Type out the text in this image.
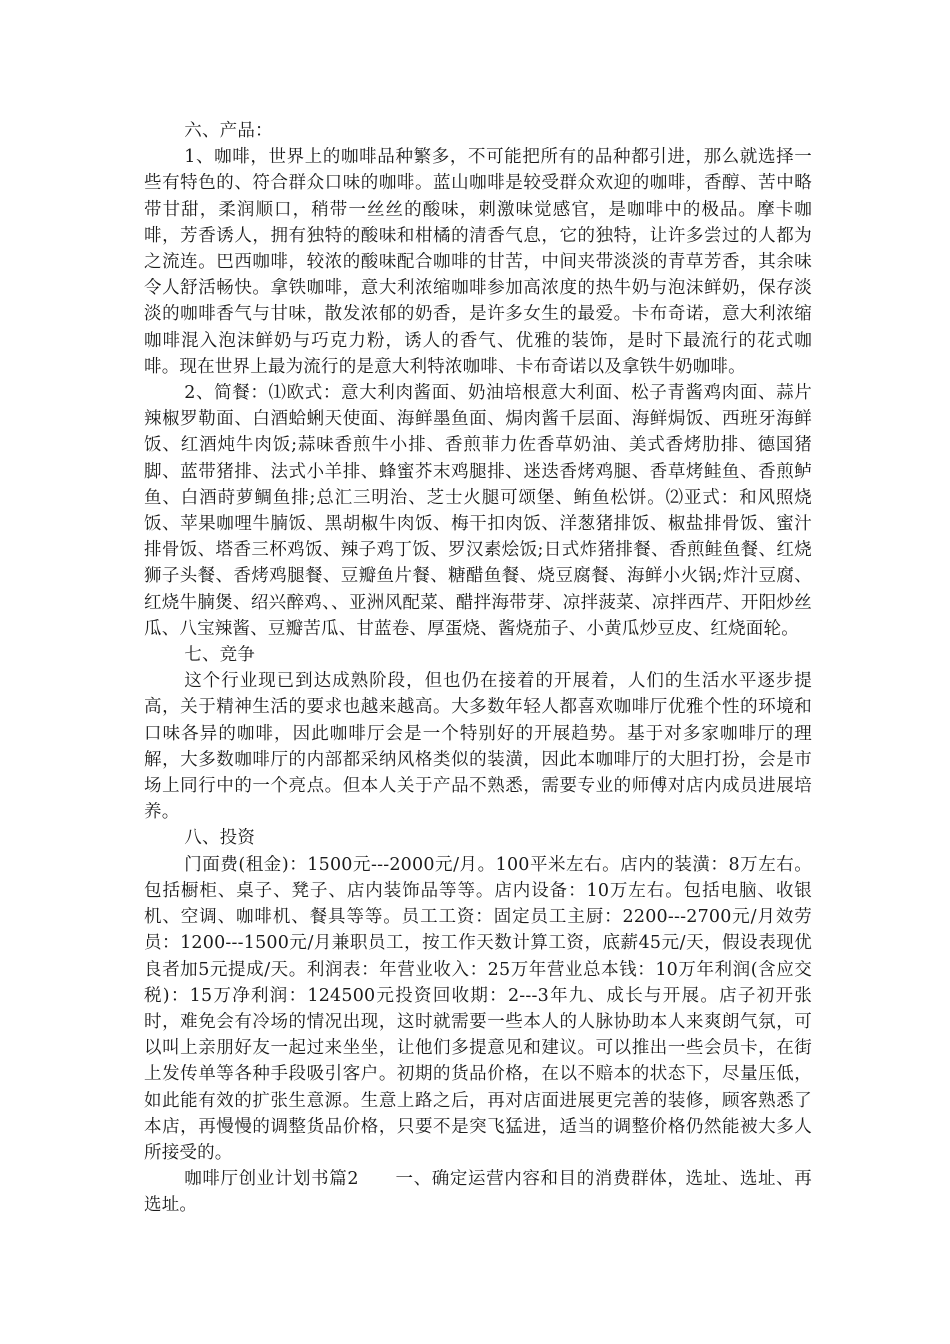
六、产品：

1、咖啡，世界上的咖啡品种繁多，不可能把所有的品种都引进，那么就选择一些有特色的、符合群众口味的咖啡。蓝山咖啡是较受群众欢迎的咖啡，香醇、苦中略带甘甜，柔润顺口，稍带一丝丝的酸味，刺激味觉感官，是咖啡中的极品。摩卡咖啡，芳香诱人，拥有独特的酸味和柑橘的清香气息，它的独特，让许多尝过的人都为之流连。巴西咖啡，较浓的酸味配合咖啡的甘苦，中间夹带淡淡的青草芳香，其余味令人舒活畅快。拿铁咖啡，意大利浓缩咖啡参加高浓度的热牛奶与泡沫鲜奶，保存淡淡的咖啡香气与甘味，散发浓郁的奶香，是许多女生的最爱。卡布奇诺，意大利浓缩咖啡混入泡沫鲜奶与巧克力粉，诱人的香气、优雅的装饰，是时下最流行的花式咖啡。现在世界上最为流行的是意大利特浓咖啡、卡布奇诺以及拿铁牛奶咖啡。

2、简餐：⑴欧式：意大利肉酱面、奶油培根意大利面、松子青酱鸡肉面、蒜片辣椒罗勒面、白酒蛤蜊天使面、海鲜墨鱼面、焗肉酱千层面、海鲜焗饭、西班牙海鲜饭、红酒炖牛肉饭;蒜味香煎牛小排、香煎菲力佐香草奶油、美式香烤肋排、德国猪脚、蓝带猪排、法式小羊排、蜂蜜芥末鸡腿排、迷迭香烤鸡腿、香草烤鲑鱼、香煎鲈鱼、白酒莳萝鲷鱼排;总汇三明治、芝士火腿可颂堡、鲔鱼松饼。⑵亚式：和风照烧饭、苹果咖哩牛腩饭、黑胡椒牛肉饭、梅干扣肉饭、洋葱猪排饭、椒盐排骨饭、蜜汁排骨饭、塔香三杯鸡饭、辣子鸡丁饭、罗汉素烩饭;日式炸猪排餐、香煎鲑鱼餐、红烧狮子头餐、香烤鸡腿餐、豆瓣鱼片餐、糖醋鱼餐、烧豆腐餐、海鲜小火锅;炸汁豆腐、红烧牛腩煲、绍兴醉鸡、、亚洲风配菜、醋拌海带芽、凉拌菠菜、凉拌西芹、开阳炒丝瓜、八宝辣酱、豆瓣苦瓜、甘蓝卷、厚蛋烧、酱烧茄子、小黄瓜炒豆皮、红烧面轮。

七、竞争

这个行业现已到达成熟阶段，但也仍在接着的开展着，人们的生活水平逐步提高，关于精神生活的要求也越来越高。大多数年轻人都喜欢咖啡厅优雅个性的环境和口味各异的咖啡，因此咖啡厅会是一个特别好的开展趋势。基于对多家咖啡厅的理解，大多数咖啡厅的内部都采纳风格类似的装潢，因此本咖啡厅的大胆打扮，会是市场上同行中的一个亮点。但本人关于产品不熟悉，需要专业的师傅对店内成员进展培养。

八、投资

门面费(租金)：1500元---2000元/月。100平米左右。店内的装潢：8万左右。包括橱柜、桌子、凳子、店内装饰品等等。店内设备：10万左右。包括电脑、收银机、空调、咖啡机、餐具等等。员工工资：固定员工主厨：2200---2700元/月效劳员：1200---1500元/月兼职员工，按工作天数计算工资，底薪45元/天，假设表现优良者加5元提成/天。利润表：年营业收入：25万年营业总本钱：10万年利润(含应交税)：15万净利润：124500元投资回收期：2---3年九、成长与开展。店子初开张时，难免会有冷场的情况出现，这时就需要一些本人的人脉协助本人来爽朗气氛，可以叫上亲朋好友一起过来坐坐，让他们多提意见和建议。可以推出一些会员卡，在街上发传单等各种手段吸引客户。初期的货品价格，在以不赔本的状态下，尽量压低，如此能有效的扩张生意源。生意上路之后，再对店面进展更完善的装修，顾客熟悉了本店，再慢慢的调整货品价格，只要不是突飞猛进，适当的调整价格仍然能被大多人所接受的。

咖啡厅创业计划书篇2　　一、确定运营内容和目的消费群体，选址、选址、再选址。
